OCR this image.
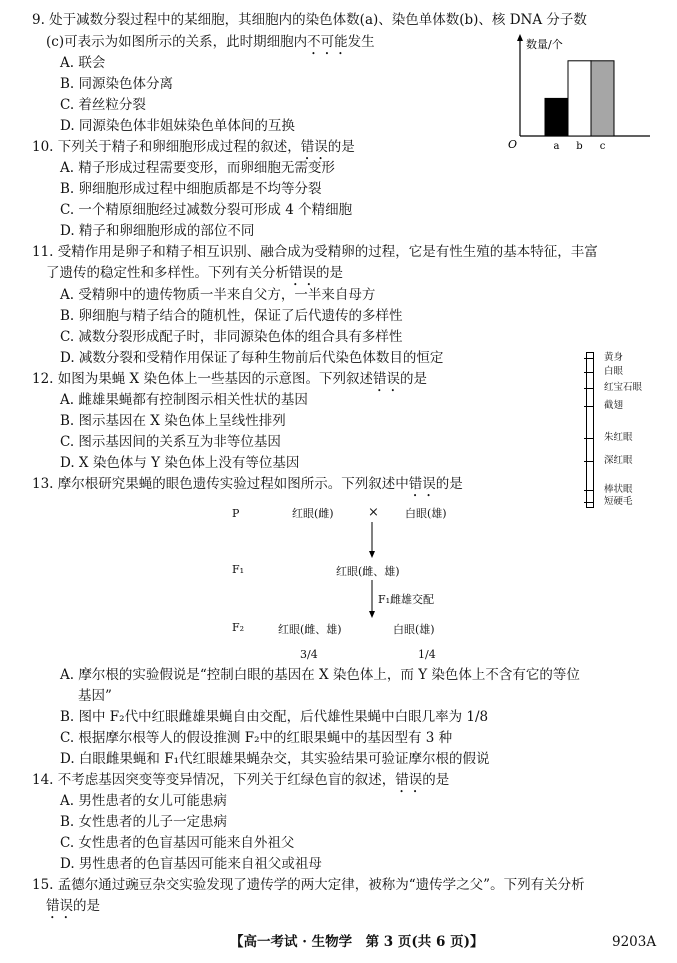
9. 处于减数分裂过程中的某细胞，其细胞内的染色体数(a)、染色单体数(b)、核 DNA 分子数
(c)可表示为如图所示的关系，此时期细胞内不可能发生
A. 联会
B. 同源染色体分离
C. 着丝粒分裂
D. 同源染色体非姐妹染色单体间的互换
数量/个
O	a b c
10. 下列关于精子和卵细胞形成过程的叙述，错误的是
A. 精子形成过程需要变形，而卵细胞无需变形
B. 卵细胞形成过程中细胞质都是不均等分裂
C. 一个精原细胞经过减数分裂可形成 4 个精细胞
D. 精子和卵细胞形成的部位不同
11. 受精作用是卵子和精子相互识别、融合成为受精卵的过程，它是有性生殖的基本特征，丰富
了遗传的稳定性和多样性。下列有关分析错误的是
A. 受精卵中的遗传物质一半来自父方，一半来自母方
B. 卵细胞与精子结合的随机性，保证了后代遗传的多样性
C. 减数分裂形成配子时，非同源染色体的组合具有多样性
D. 减数分裂和受精作用保证了每种生物前后代染色体数目的恒定
12. 如图为果蝇 X 染色体上一些基因的示意图。下列叙述错误的是
A. 雌雄果蝇都有控制图示相关性状的基因
B. 图示基因在 X 染色体上呈线性排列
C. 图示基因间的关系互为非等位基因
D. X 染色体与 Y 染色体上没有等位基因
黄身
白眼
红宝石眼
截翅
朱红眼
深红眼
棒状眼
短硬毛
13. 摩尔根研究果蝇的眼色遗传实验过程如图所示。下列叙述中错误的是
P	红眼(雌)	× 白眼(雄)
F₁	红眼(雌、雄)
F₁雌雄交配
F₂	红眼(雌、雄)	白眼(雄)
3/4	1/4
A. 摩尔根的实验假说是“控制白眼的基因在 X 染色体上，而 Y 染色体上不含有它的等位
基因”
B. 图中 F₂代中红眼雌雄果蝇自由交配，后代雄性果蝇中白眼几率为 1/8
C. 根据摩尔根等人的假设推测 F₂中的红眼果蝇中的基因型有 3 种
D. 白眼雌果蝇和 F₁代红眼雄果蝇杂交，其实验结果可验证摩尔根的假说
14. 不考虑基因突变等变异情况，下列关于红绿色盲的叙述，错误的是
A. 男性患者的女儿可能患病
B. 女性患者的儿子一定患病
C. 女性患者的色盲基因可能来自外祖父
D. 男性患者的色盲基因可能来自祖父或祖母
15. 孟德尔通过豌豆杂交实验发现了遗传学的两大定律，被称为“遗传学之父”。下列有关分析
错误的是
【高一考试 · 生物学　第 3 页(共 6 页)】	9203A
